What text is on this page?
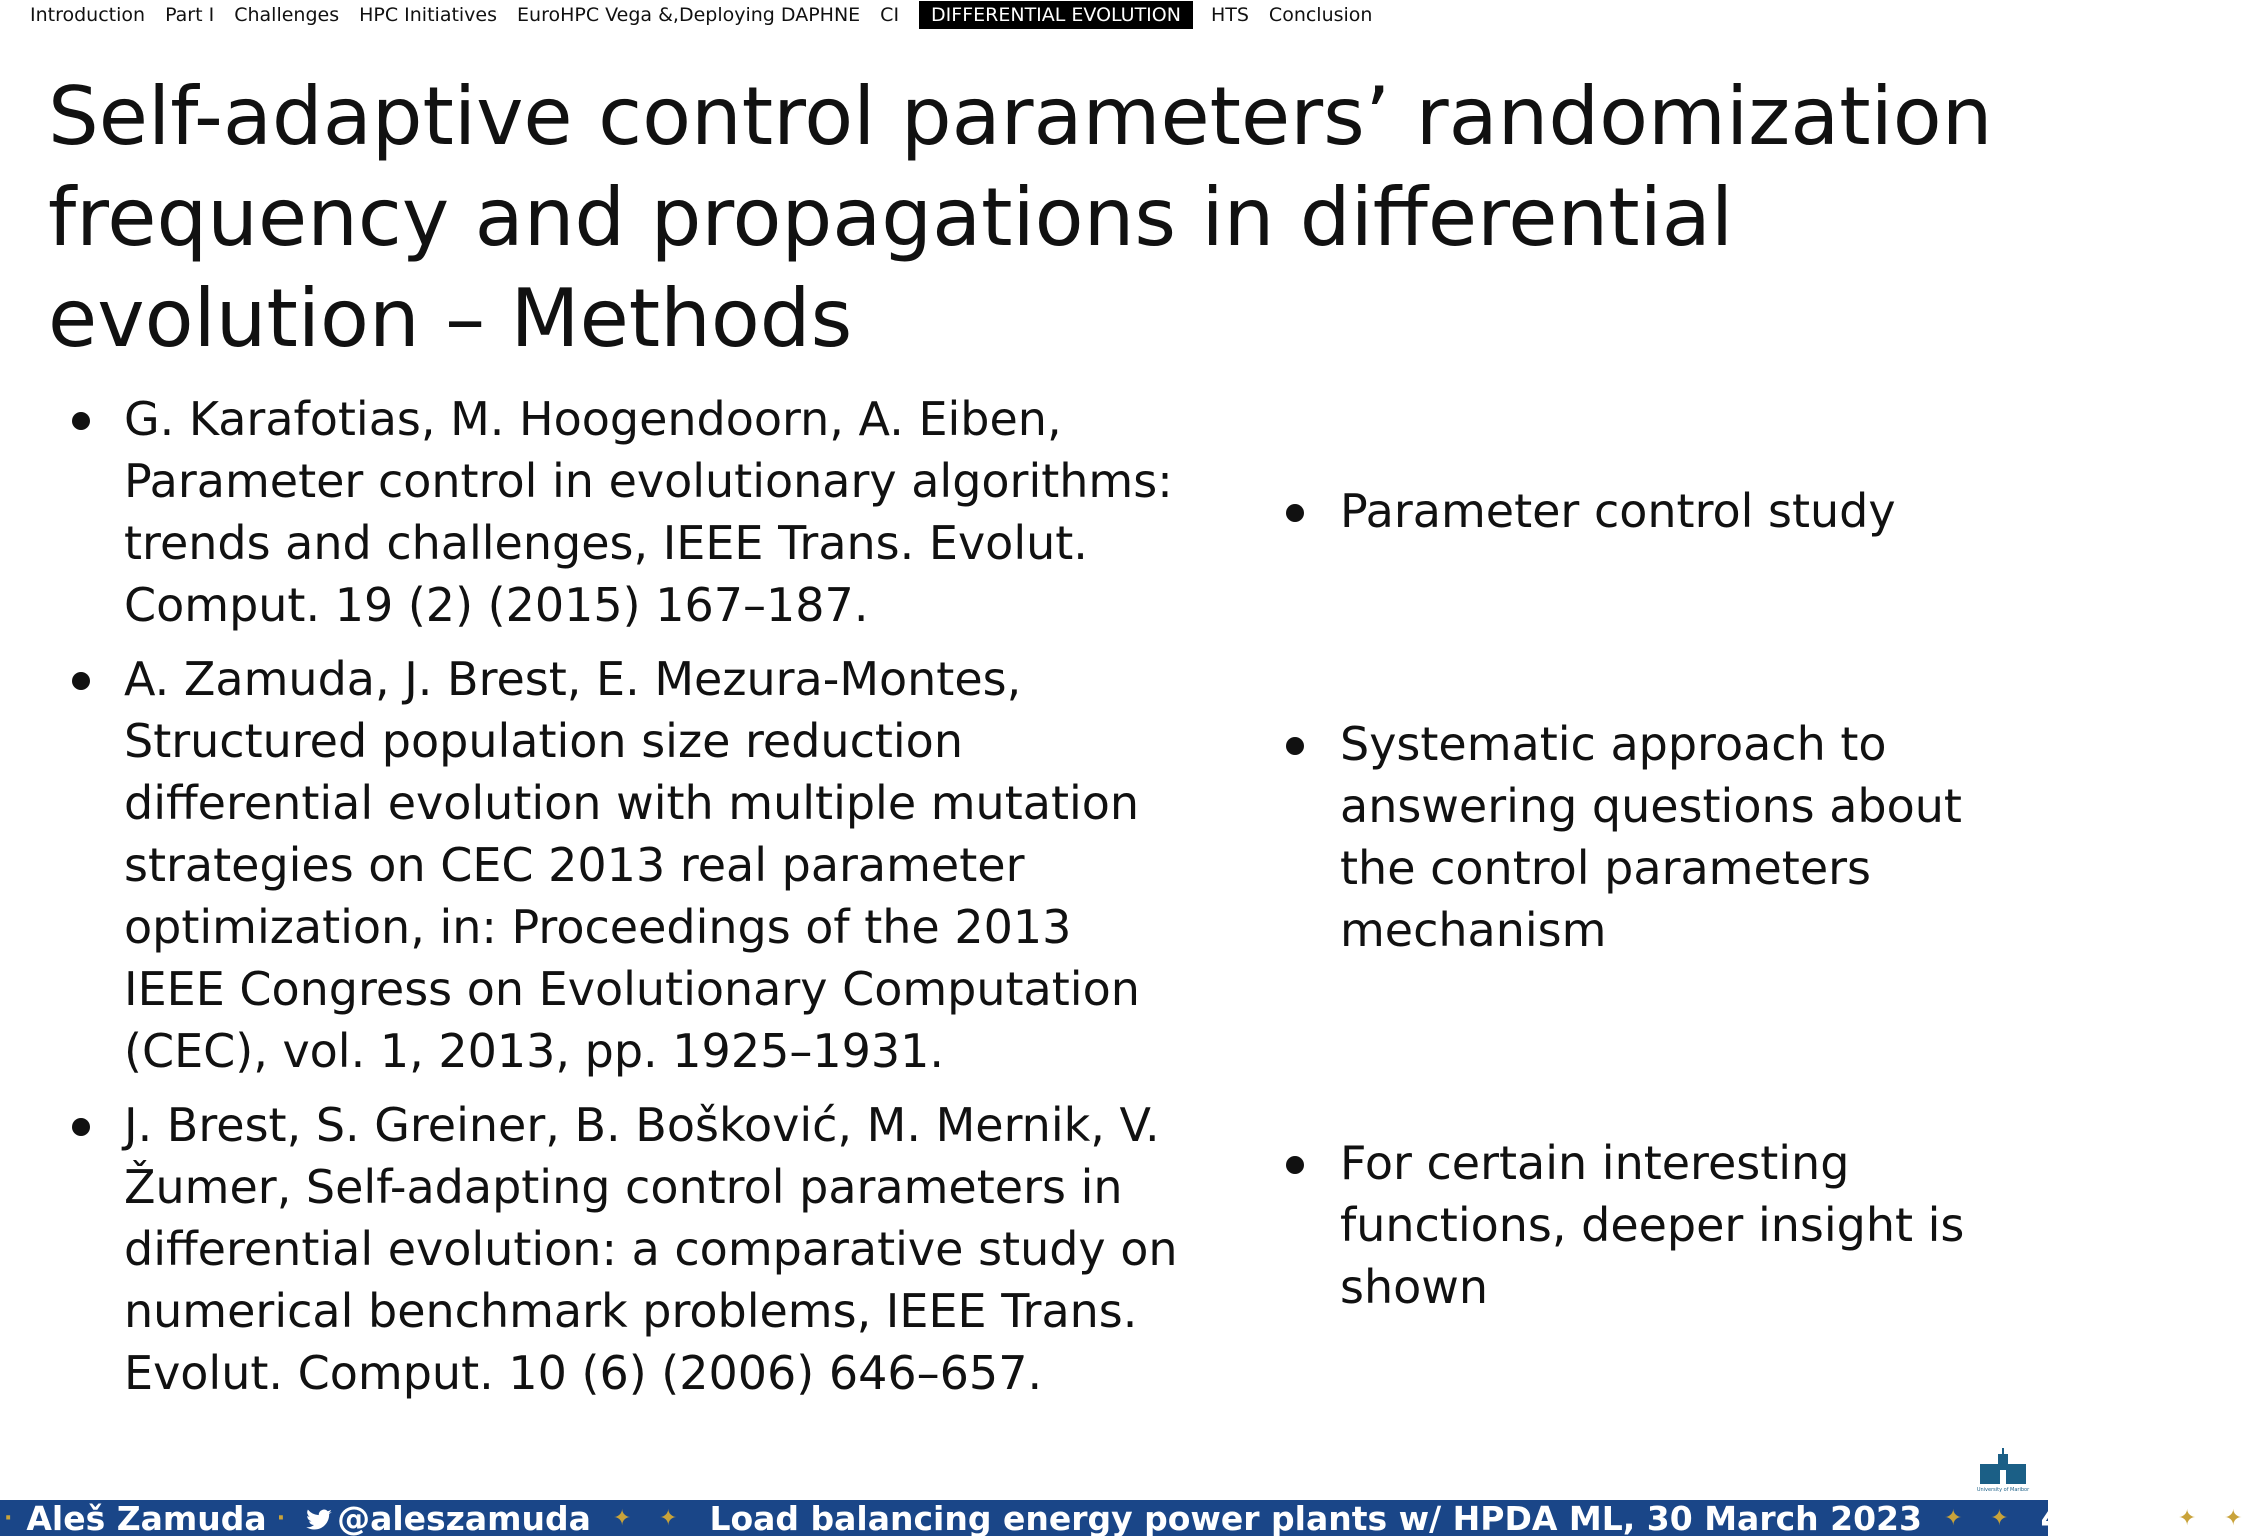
Introduction	Part I	Challenges	HPC Initiatives	EuroHPC Vega &,Deploying DAPHNE	CI	DIFFERENTIAL EVOLUTION	HTS	Conclusion
Self-adaptive control parameters’ randomization frequency and propagations in differential evolution – Methods
G. Karafotias, M. Hoogendoorn, A. Eiben, Parameter control in evolutionary algorithms: trends and challenges, IEEE Trans. Evolut. Comput. 19 (2) (2015) 167–187.
A. Zamuda, J. Brest, E. Mezura-Montes, Structured population size reduction differential evolution with multiple mutation strategies on CEC 2013 real parameter optimization, in: Proceedings of the 2013 IEEE Congress on Evolutionary Computation (CEC), vol. 1, 2013, pp. 1925–1931.
J. Brest, S. Greiner, B. Bošković, M. Mernik, V. Žumer, Self-adapting control parameters in differential evolution: a comparative study on numerical benchmark problems, IEEE Trans. Evolut. Comput. 10 (6) (2006) 646–657.
Parameter control study
Systematic approach to answering questions about the control parameters mechanism
For certain interesting functions, deeper insight is shown
University of Maribor
· Aleš Zamuda · @aleszamuda ✦ ✦ Load balancing energy power plants w/ HPDA ML, 30 March 2023 ✦ ✦ 44/ 71 ✦ ✦
